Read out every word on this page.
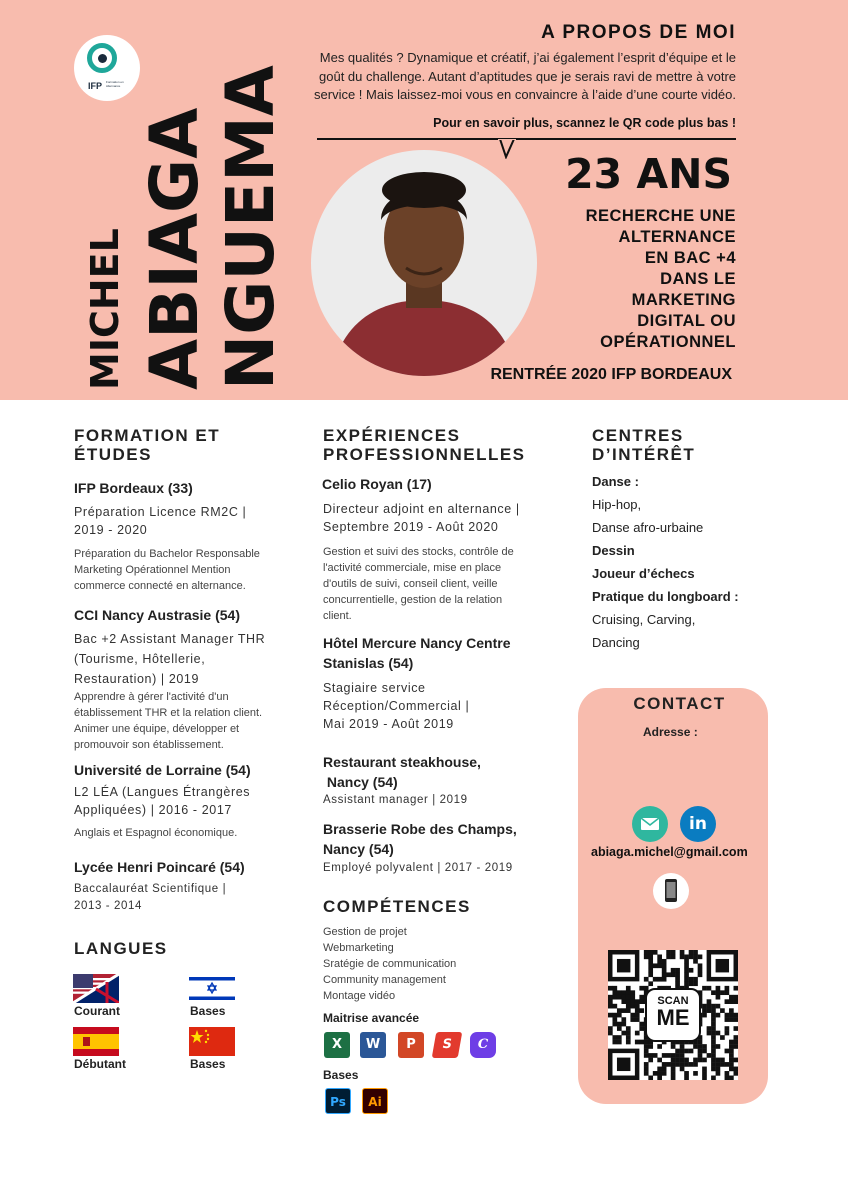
IFP Formation en Alternance
MICHEL ABIAGA NGUEMA
A PROPOS DE MOI
Mes qualités ? Dynamique et créatif, j’ai également l’esprit d’équipe et le goût du challenge. Autant d’aptitudes que je serais ravi de mettre à votre service ! Mais laissez-moi vous en convaincre à l’aide d’une courte vidéo.
Pour en savoir plus, scannez le QR code plus bas !
23 ANS
RECHERCHE UNE
ALTERNANCE
EN BAC +4
DANS LE
MARKETING
DIGITAL OU
OPÉRATIONNEL
RENTRÉE 2020 IFP BORDEAUX
FORMATION ET
ÉTUDES
IFP Bordeaux (33)
Préparation Licence RM2C |
2019 - 2020
Préparation du Bachelor Responsable
Marketing Opérationnel Mention
commerce connecté en alternance.
CCI Nancy Austrasie (54)
Bac +2 Assistant Manager THR
(Tourisme, Hôtellerie,
Restauration) | 2019
Apprendre à gérer l'activité d'un
établissement THR et la relation client.
Animer une équipe, développer et
promouvoir son établissement.
Université de Lorraine (54)
L2 LÉA (Langues Étrangères
Appliquées) | 2016 - 2017
Anglais et Espagnol économique.
Lycée Henri Poincaré (54)
Baccalauréat Scientifique |
2013 - 2014
LANGUES
Courant	Bases
Débutant	Bases
EXPÉRIENCES
PROFESSIONNELLES
Celio Royan (17)
Directeur adjoint en alternance |
Septembre 2019 - Août 2020
Gestion et suivi des stocks, contrôle de
l'activité commerciale, mise en place
d'outils de suivi, conseil client, veille
concurrentielle, gestion de la relation
client.
Hôtel Mercure Nancy Centre
Stanislas (54)
Stagiaire service
Réception/Commercial |
Mai 2019 - Août 2019
Restaurant steakhouse,
Nancy (54)
Assistant manager | 2019
Brasserie Robe des Champs,
Nancy (54)
Employé polyvalent | 2017 - 2019
COMPÉTENCES
Gestion de projet
Webmarketing
Sratégie de communication
Community management
Montage vidéo
Maitrise avancée
X	W	P	S	C
Bases
Ps	Ai
CENTRES
D’INTÉRÊT
Danse :
Hip-hop,
Danse afro-urbaine
Dessin
Joueur d’échecs
Pratique du longboard :
Cruising, Carving,
Dancing
CONTACT
Adresse :
in
abiaga.michel@gmail.com
SCAN
ME
